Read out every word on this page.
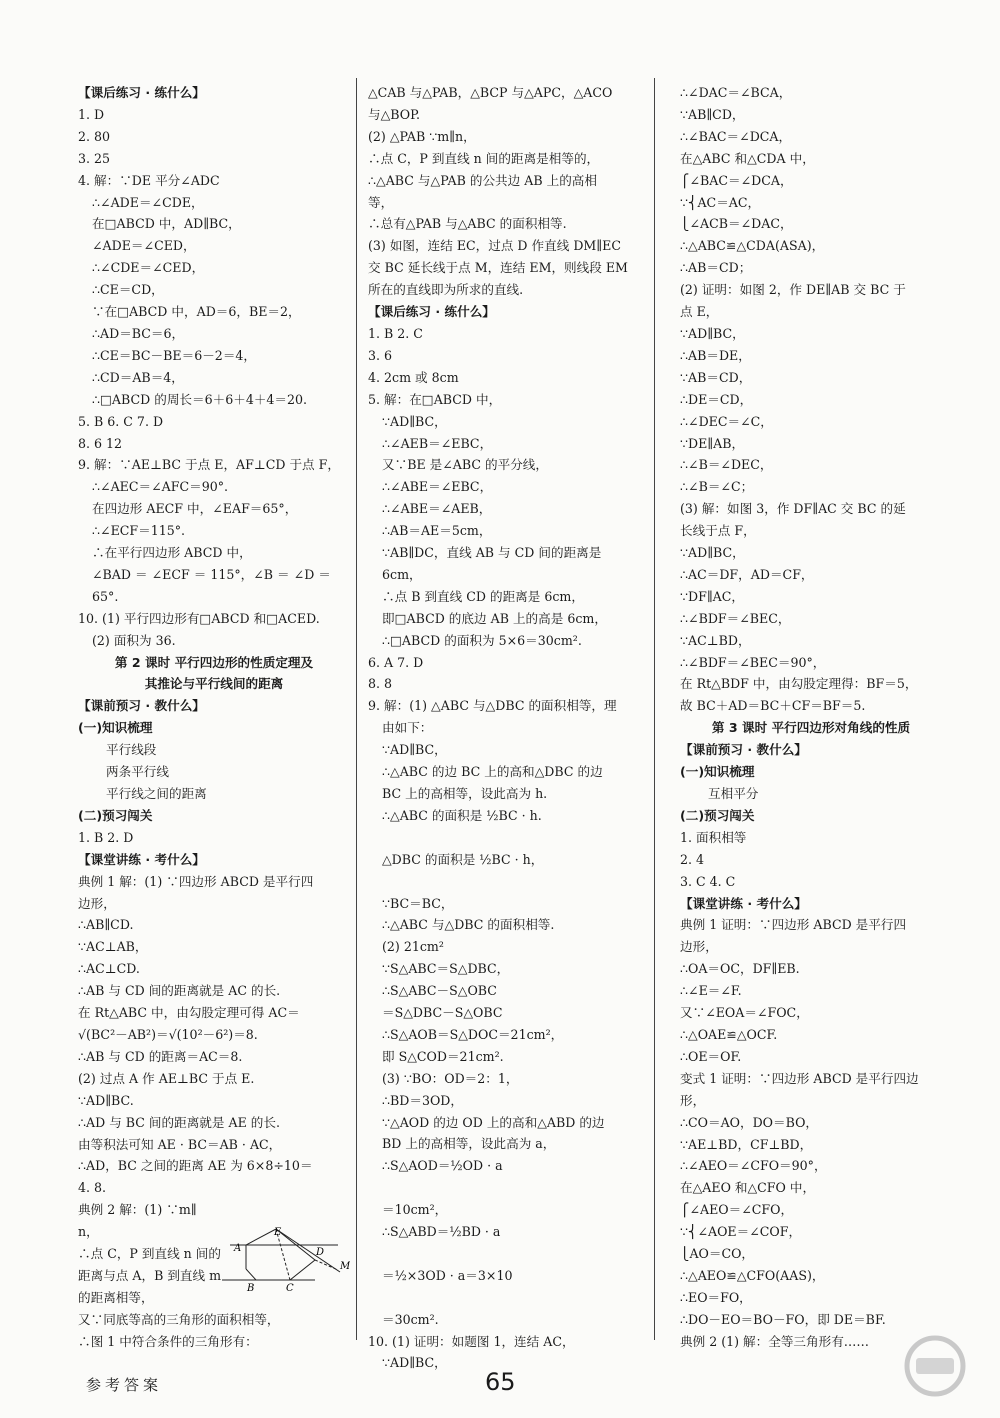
【课后练习 · 练什么】
1. D
2. 80
3. 25
4. 解：∵DE 平分∠ADC
∴∠ADE＝∠CDE，
在□ABCD 中，AD∥BC，
∠ADE＝∠CED，
∴∠CDE＝∠CED，
∴CE＝CD，
∵在□ABCD 中，AD＝6，BE＝2，
∴AD＝BC＝6，
∴CE＝BC－BE＝6－2＝4，
∴CD＝AB＝4，
∴□ABCD 的周长＝6＋6＋4＋4＝20.
5. B 6. C 7. D
8. 6 12
9. 解：∵AE⊥BC 于点 E，AF⊥CD 于点 F，
∴∠AEC＝∠AFC＝90°.
在四边形 AECF 中，∠EAF＝65°，
∴∠ECF＝115°.
∴在平行四边形 ABCD 中，
∠BAD ＝ ∠ECF ＝ 115°，∠B ＝ ∠D ＝
65°.
10. (1) 平行四边形有□ABCD 和□ACED.
(2) 面积为 36.
第 2 课时 平行四边形的性质定理及
其推论与平行线间的距离
【课前预习 · 教什么】
(一)知识梳理
平行线段
两条平行线
平行线之间的距离
(二)预习闯关
1. B 2. D
【课堂讲练 · 考什么】
典例 1 解：(1) ∵四边形 ABCD 是平行四
边形，
∴AB∥CD.
∵AC⊥AB，
∴AC⊥CD.
∴AB 与 CD 间的距离就是 AC 的长.
在 Rt△ABC 中，由勾股定理可得 AC＝
√(BC²－AB²)＝√(10²－6²)＝8.
∴AB 与 CD 的距离＝AC＝8.
(2) 过点 A 作 AE⊥BC 于点 E.
∵AD∥BC.
∴AD 与 BC 间的距离就是 AE 的长.
由等积法可知 AE · BC＝AB · AC，
∴AD，BC 之间的距离 AE 为 6×8÷10＝
4. 8.
典例 2 解：(1) ∵m∥
n，
∴点 C，P 到直线 n 间的
距离与点 A，B 到直线 m
的距离相等，
又∵同底等高的三角形的面积相等，
∴图 1 中符合条件的三角形有：
△CAB 与△PAB，△BCP 与△APC，△ACO
与△BOP.
(2) △PAB ∵m∥n，
∴点 C，P 到直线 n 间的距离是相等的，
∴△ABC 与△PAB 的公共边 AB 上的高相
等，
∴总有△PAB 与△ABC 的面积相等.
(3) 如图，连结 EC，过点 D 作直线 DM∥EC
交 BC 延长线于点 M，连结 EM，则线段 EM
所在的直线即为所求的直线.
【课后练习 · 练什么】
1. B 2. C
3. 6
4. 2cm 或 8cm
5. 解：在□ABCD 中，
∵AD∥BC，
∴∠AEB＝∠EBC，
又∵BE 是∠ABC 的平分线，
∴∠ABE＝∠EBC，
∴∠ABE＝∠AEB，
∴AB＝AE＝5cm，
∵AB∥DC，直线 AB 与 CD 间的距离是
6cm，
∴点 B 到直线 CD 的距离是 6cm，
即□ABCD 的底边 AB 上的高是 6cm，
∴□ABCD 的面积为 5×6＝30cm².
6. A 7. D
8. 8
9. 解：(1) △ABC 与△DBC 的面积相等，理
由如下：
∵AD∥BC，
∴△ABC 的边 BC 上的高和△DBC 的边
BC 上的高相等，设此高为 h.
∴△ABC 的面积是 ½BC · h.
△DBC 的面积是 ½BC · h，
∵BC＝BC，
∴△ABC 与△DBC 的面积相等.
(2) 21cm²
∵S△ABC＝S△DBC，
∴S△ABC－S△OBC
＝S△DBC－S△OBC
∴S△AOB＝S△DOC＝21cm²，
即 S△COD＝21cm².
(3) ∵BO：OD＝2：1，
∴BD＝3OD，
∵△AOD 的边 OD 上的高和△ABD 的边
BD 上的高相等，设此高为 a，
∴S△AOD＝½OD · a
＝10cm²，
∴S△ABD＝½BD · a
＝½×3OD · a＝3×10
＝30cm².
10. (1) 证明：如题图 1，连结 AC，
∵AD∥BC，
∴∠DAC＝∠BCA，
∵AB∥CD，
∴∠BAC＝∠DCA，
在△ABC 和△CDA 中，
⎧∠BAC＝∠DCA，
∵⎨AC＝AC，
⎩∠ACB＝∠DAC，
∴△ABC≌△CDA(ASA)，
∴AB＝CD；
(2) 证明：如图 2，作 DE∥AB 交 BC 于
点 E，
∵AD∥BC，
∴AB＝DE，
∵AB＝CD，
∴DE＝CD，
∴∠DEC＝∠C，
∵DE∥AB，
∴∠B＝∠DEC，
∴∠B＝∠C；
(3) 解：如图 3，作 DF∥AC 交 BC 的延
长线于点 F，
∵AD∥BC，
∴AC＝DF，AD＝CF，
∵DF∥AC，
∴∠BDF＝∠BEC，
∵AC⊥BD，
∴∠BDF＝∠BEC＝90°，
在 Rt△BDF 中，由勾股定理得：BF＝5，
故 BC＋AD＝BC＋CF＝BF＝5.
第 3 课时 平行四边形对角线的性质
【课前预习 · 教什么】
(一)知识梳理
互相平分
(二)预习闯关
1. 面积相等
2. 4
3. C 4. C
【课堂讲练 · 考什么】
典例 1 证明：∵四边形 ABCD 是平行四
边形，
∴OA＝OC，DF∥EB.
∴∠E＝∠F.
又∵∠EOA＝∠FOC，
∴△OAE≌△OCF.
∴OE＝OF.
变式 1 证明：∵四边形 ABCD 是平行四边
形，
∴CO＝AO，DO＝BO，
∵AE⊥BD，CF⊥BD，
∴∠AEO＝∠CFO＝90°，
在△AEO 和△CFO 中，
⎧∠AEO＝∠CFO，
∵⎨∠AOE＝∠COF，
⎩AO＝CO，
∴△AEO≌△CFO(AAS)，
∴EO＝FO，
∴DO－EO＝BO－FO，即 DE＝BF.
典例 2 (1) 解：全等三角形有……
A
B	C
D
E
M
参考答案	65
